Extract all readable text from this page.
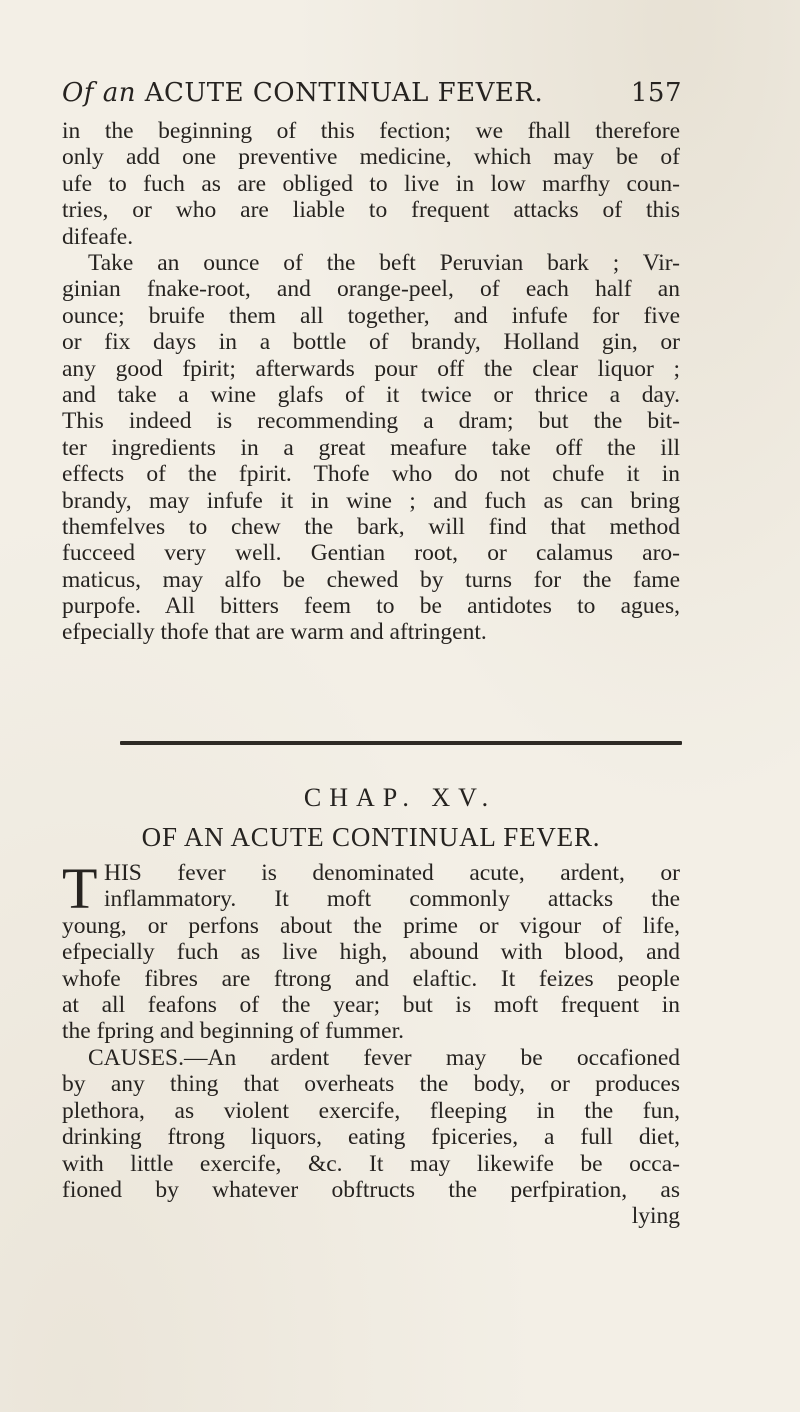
Of an ACUTE CONTINUAL FEVER.	157
in the beginning of this fection; we fhall therefore
only add one preventive medicine, which may be of
ufe to fuch as are obliged to live in low marfhy coun-
tries, or who are liable to frequent attacks of this
difeafe.
Take an ounce of the beft Peruvian bark ; Vir-
ginian fnake-root, and orange-peel, of each half an
ounce; bruife them all together, and infufe for five
or fix days in a bottle of brandy, Holland gin, or
any good fpirit; afterwards pour off the clear liquor ;
and take a wine glafs of it twice or thrice a day.
This indeed is recommending a dram; but the bit-
ter ingredients in a great meafure take off the ill
effects of the fpirit. Thofe who do not chufe it in
brandy, may infufe it in wine ; and fuch as can bring
themfelves to chew the bark, will find that method
fucceed very well. Gentian root, or calamus aro-
maticus, may alfo be chewed by turns for the fame
purpofe. All bitters feem to be antidotes to agues,
efpecially thofe that are warm and aftringent.
CHAP. XV.
OF AN ACUTE CONTINUAL FEVER.
T HIS fever is denominated acute, ardent, or
inflammatory. It moft commonly attacks the
young, or perfons about the prime or vigour of life,
efpecially fuch as live high, abound with blood, and
whofe fibres are ftrong and elaftic. It feizes people
at all feafons of the year; but is moft frequent in
the fpring and beginning of fummer.
CAUSES.—An ardent fever may be occafioned
by any thing that overheats the body, or produces
plethora, as violent exercife, fleeping in the fun,
drinking ftrong liquors, eating fpiceries, a full diet,
with little exercife, &c. It may likewife be occa-
fioned by whatever obftructs the perfpiration, as
lying
